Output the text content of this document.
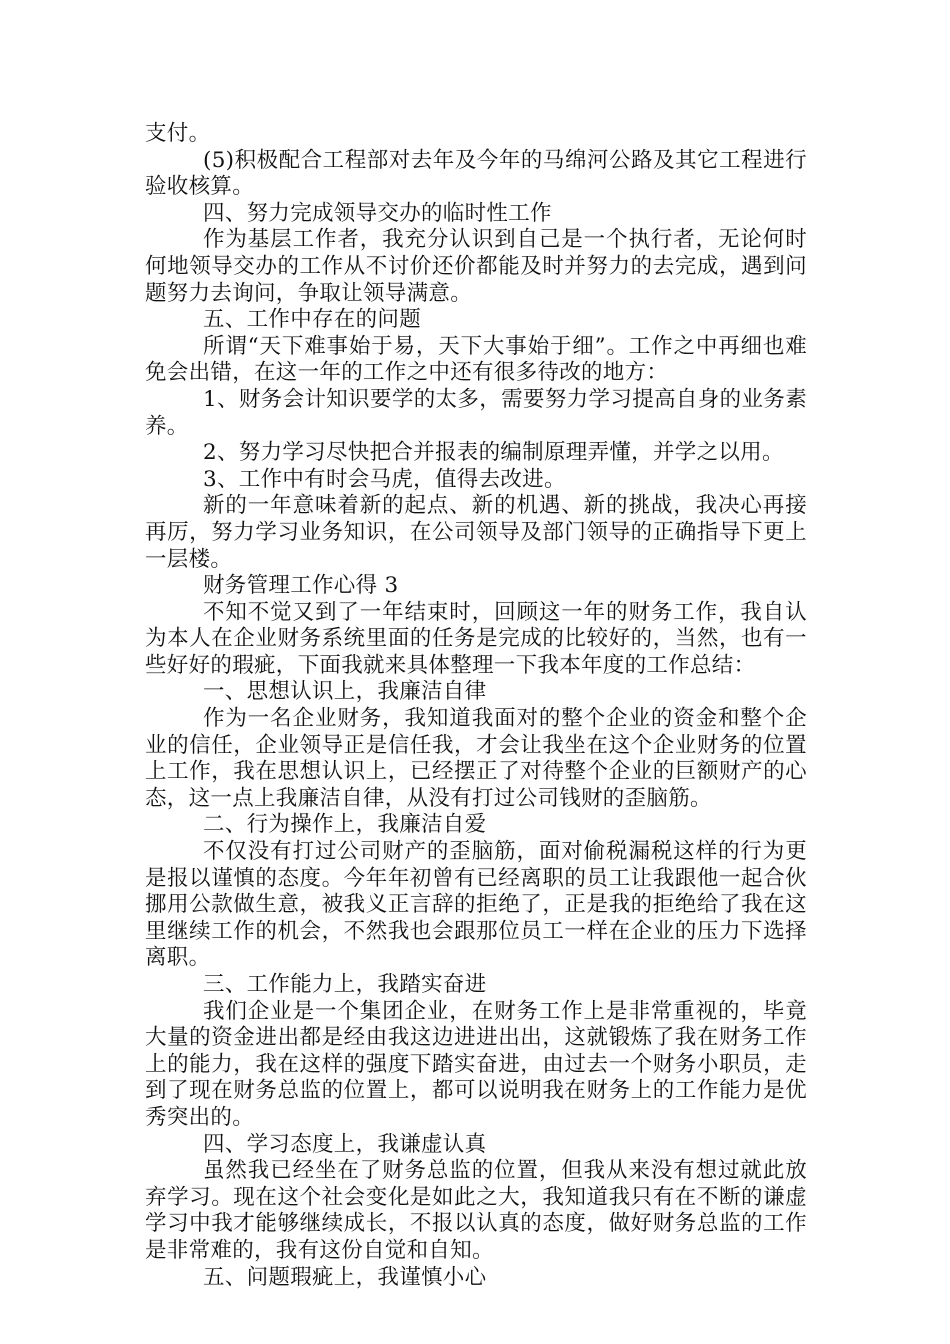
支付。

(5)积极配合工程部对去年及今年的马绵河公路及其它工程进行验收核算。

四、努力完成领导交办的临时性工作

作为基层工作者，我充分认识到自己是一个执行者，无论何时何地领导交办的工作从不讨价还价都能及时并努力的去完成，遇到问题努力去询问，争取让领导满意。

五、工作中存在的问题

所谓“天下难事始于易，天下大事始于细”。工作之中再细也难免会出错，在这一年的工作之中还有很多待改的地方：

1、财务会计知识要学的太多，需要努力学习提高自身的业务素养。

2、努力学习尽快把合并报表的编制原理弄懂，并学之以用。

3、工作中有时会马虎，值得去改进。

新的一年意味着新的起点、新的机遇、新的挑战，我决心再接再厉，努力学习业务知识，在公司领导及部门领导的正确指导下更上一层楼。

财务管理工作心得 3

不知不觉又到了一年结束时，回顾这一年的财务工作，我自认为本人在企业财务系统里面的任务是完成的比较好的，当然，也有一些好好的瑕疵，下面我就来具体整理一下我本年度的工作总结：

一、思想认识上，我廉洁自律

作为一名企业财务，我知道我面对的整个企业的资金和整个企业的信任，企业领导正是信任我，才会让我坐在这个企业财务的位置上工作，我在思想认识上，已经摆正了对待整个企业的巨额财产的心态，这一点上我廉洁自律，从没有打过公司钱财的歪脑筋。

二、行为操作上，我廉洁自爱

不仅没有打过公司财产的歪脑筋，面对偷税漏税这样的行为更是报以谨慎的态度。今年年初曾有已经离职的员工让我跟他一起合伙挪用公款做生意，被我义正言辞的拒绝了，正是我的拒绝给了我在这里继续工作的机会，不然我也会跟那位员工一样在企业的压力下选择离职。

三、工作能力上，我踏实奋进

我们企业是一个集团企业，在财务工作上是非常重视的，毕竟大量的资金进出都是经由我这边进进出出，这就锻炼了我在财务工作上的能力，我在这样的强度下踏实奋进，由过去一个财务小职员，走到了现在财务总监的位置上，都可以说明我在财务上的工作能力是优秀突出的。

四、学习态度上，我谦虚认真

虽然我已经坐在了财务总监的位置，但我从来没有想过就此放弃学习。现在这个社会变化是如此之大，我知道我只有在不断的谦虚学习中我才能够继续成长，不报以认真的态度，做好财务总监的工作是非常难的，我有这份自觉和自知。

五、问题瑕疵上，我谨慎小心
